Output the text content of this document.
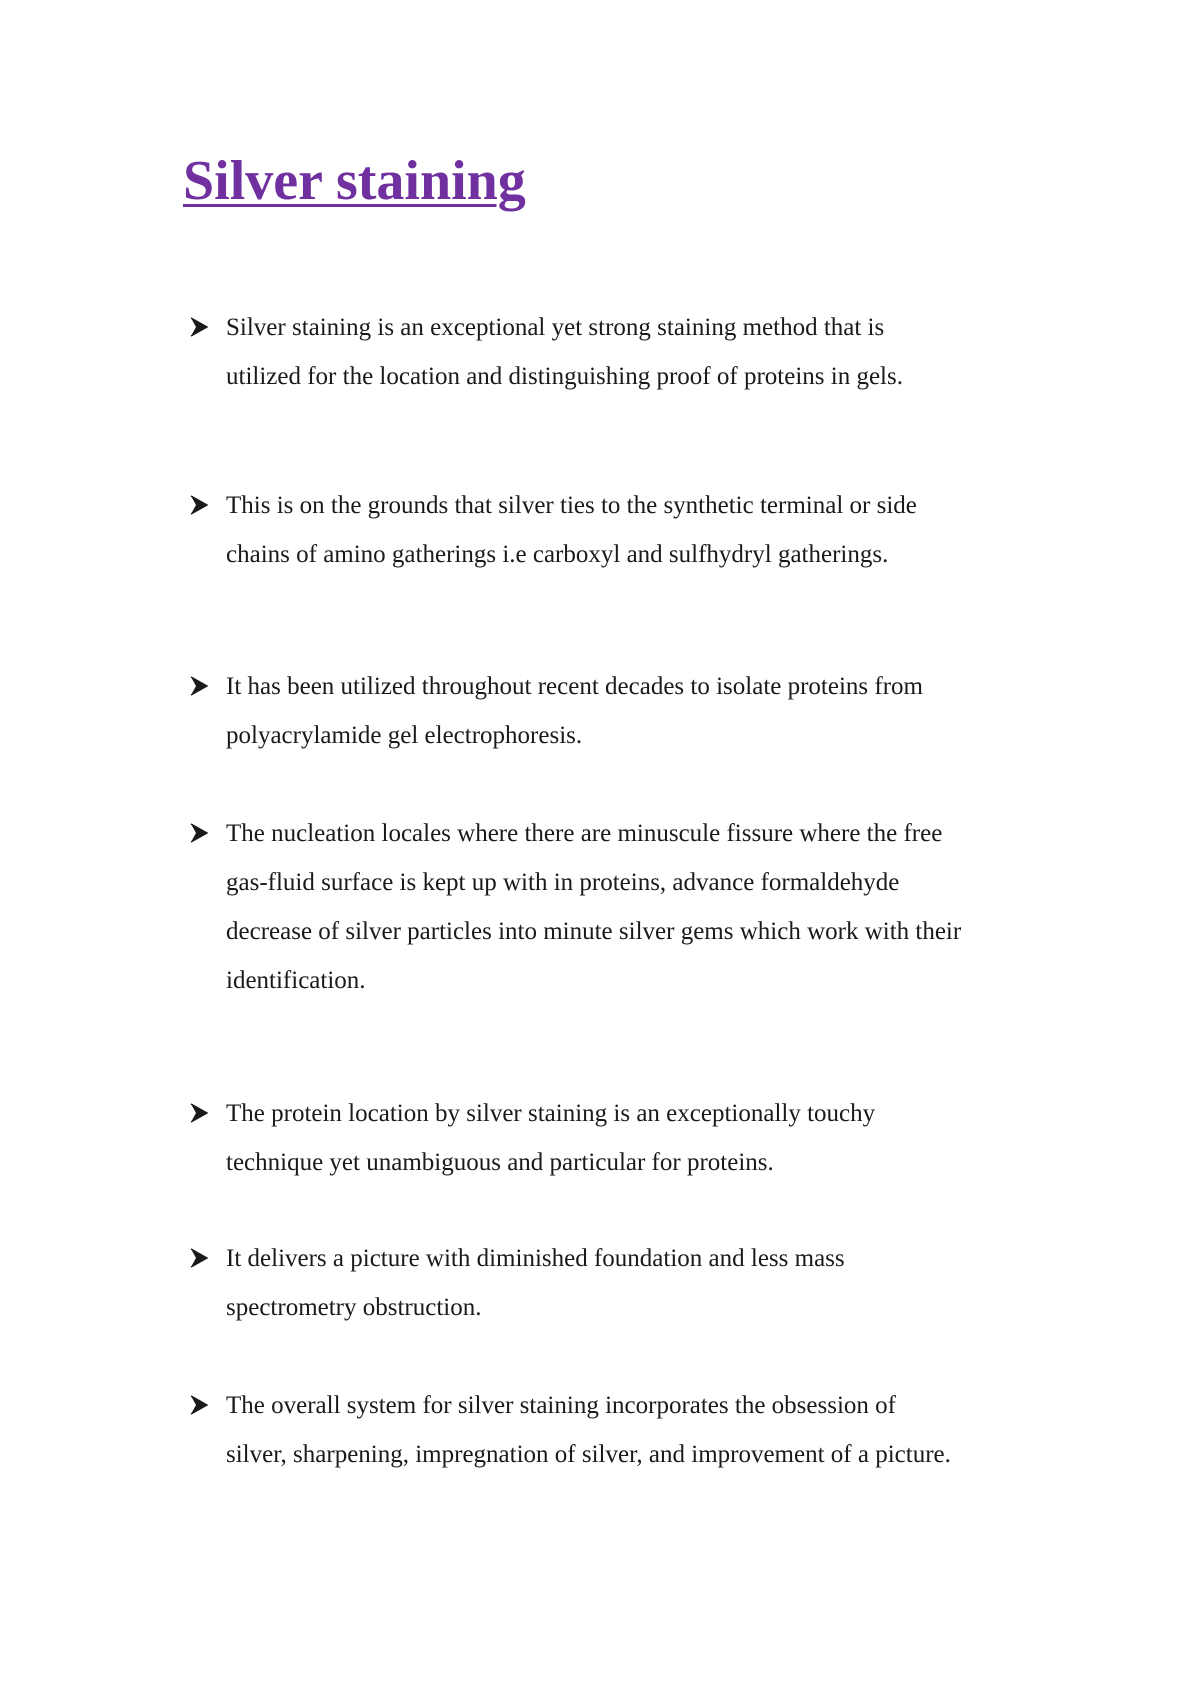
Silver staining
Silver staining is an exceptional yet strong staining method that is
utilized for the location and distinguishing proof of proteins in gels.
This is on the grounds that silver ties to the synthetic terminal or side
chains of amino gatherings i.e carboxyl and sulfhydryl gatherings.
It has been utilized throughout recent decades to isolate proteins from
polyacrylamide gel electrophoresis.
The nucleation locales where there are minuscule fissure where the free
gas-fluid surface is kept up with in proteins, advance formaldehyde
decrease of silver particles into minute silver gems which work with their
identification.
The protein location by silver staining is an exceptionally touchy
technique yet unambiguous and particular for proteins.
It delivers a picture with diminished foundation and less mass
spectrometry obstruction.
The overall system for silver staining incorporates the obsession of
silver, sharpening, impregnation of silver, and improvement of a picture.
